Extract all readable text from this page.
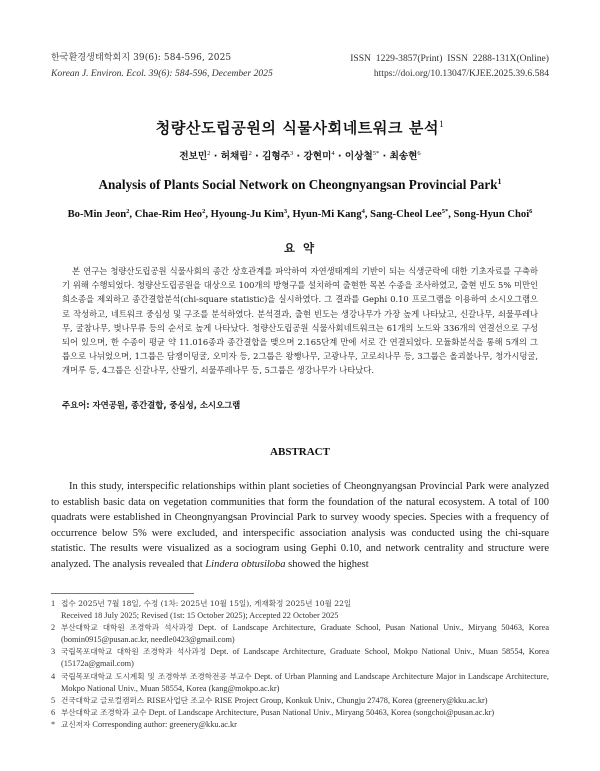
한국환경생태학회지 39(6): 584-596, 2025
Korean J. Environ. Ecol. 39(6): 584-596, December 2025
ISSN  1229-3857(Print)  ISSN  2288-131X(Online)
https://doi.org/10.13047/KJEE.2025.39.6.584
청량산도립공원의 식물사회네트워크 분석$^1$
전보민$^2$ · 허채림$^2$ · 김형주$^3$ · 강현미$^4$ · 이상철$^{5*}$ · 최송현$^6$
Analysis of Plants Social Network on Cheongnyangsan Provincial Park$^1$
Bo-Min Jeon$^2$, Chae-Rim Heo$^2$, Hyoung-Ju Kim$^3$, Hyun-Mi Kang$^4$, Sang-Cheol Lee$^{5*}$, Song-Hyun Choi$^6$
요 약

본 연구는 청량산도립공원 식물사회의 종간 상호관계를 파악하여 자연생태계의 기반이 되는 식생군락에 대한 기초자료를 구축하기 위해 수행되었다. 청량산도립공원을 대상으로 100개의 방형구를 설치하여 출현한 목본 수종을 조사하였고, 출현 빈도 5% 미만인 희소종을 제외하고 종간결합분석(chi-square statistic)을 실시하였다. 그 결과를 Gephi 0.10 프로그램을 이용하여 소시오그램으로 작성하고, 네트워크 중심성 및 구조를 분석하였다. 분석결과, 출현 빈도는 생강나무가 가장 높게 나타났고, 신갈나무, 쇠물푸레나무, 굴참나무, 벚나무류 등의 순서로 높게 나타났다. 청량산도립공원 식물사회네트워크는 61개의 노드와 336개의 연결선으로 구성되어 있으며, 한 수종이 평균 약 11.016종과 종간결합을 맺으며 2.165단계 만에 서로 간 연결되었다. 모듈화분석을 통해 5개의 그룹으로 나뉘었으며, 1그룹은 담쟁이덩굴, 오미자 등, 2그룹은 왕쨍나무, 고광나무, 고로쇠나무 등, 3그룹은 올괴불나무, 청가시덩굴, 개머루 등, 4그룹은 신갈나무, 산딸기, 쇠물푸레나무 등, 5그룹은 생강나무가 나타났다.

주요어: 자연공원, 종간결합, 중심성, 소시오그램
ABSTRACT

In this study, interspecific relationships within plant societies of Cheongnyangsan Provincial Park were analyzed to establish basic data on vegetation communities that form the foundation of the natural ecosystem. A total of 100 quadrats were established in Cheongnyangsan Provincial Park to survey woody species. Species with a frequency of occurrence below 5% were excluded, and interspecific association analysis was conducted using the chi-square statistic. The results were visualized as a sociogram using Gephi 0.10, and network centrality and structure were analyzed. The analysis revealed that Lindera obtusiloba showed the highest

1 접수 2025년 7월 18일, 수정 (1차: 2025년 10월 15일), 게재확정 2025년 10월 22일
Received 18 July 2025; Revised (1st: 15 October 2025); Accepted 22 October 2025
2 부산대학교 대학원 조경학과 석사과정 Dept. of Landscape Architecture, Graduate School, Pusan National Univ., Miryang 50463, Korea (bomin0915@pusan.ac.kr, needle0423@gmail.com)
3 국립목포대학교 대학원 조경학과 석사과정 Dept. of Landscape Architecture, Graduate School, Mokpo National Univ., Muan 58554, Korea (15172a@gmail.com)
4 국립목포대학교 도시계획 및 조경학부 조경학전공 부교수 Dept. of Urban Planning and Landscape Architecture Major in Landscape Architecture, Mokpo National Univ., Muan 58554, Korea (kang@mokpo.ac.kr)
5 건국대학교 글로컬캠퍼스 RISE사업단 조교수 RISE Project Group, Konkuk Univ., Chungju 27478, Korea (greenery@kku.ac.kr)
6 부산대학교 조경학과 교수 Dept. of Landscape Architecture, Pusan National Univ., Miryang 50463, Korea (songchoi@pusan.ac.kr)
* 교신저자 Corresponding author: greenery@kku.ac.kr
